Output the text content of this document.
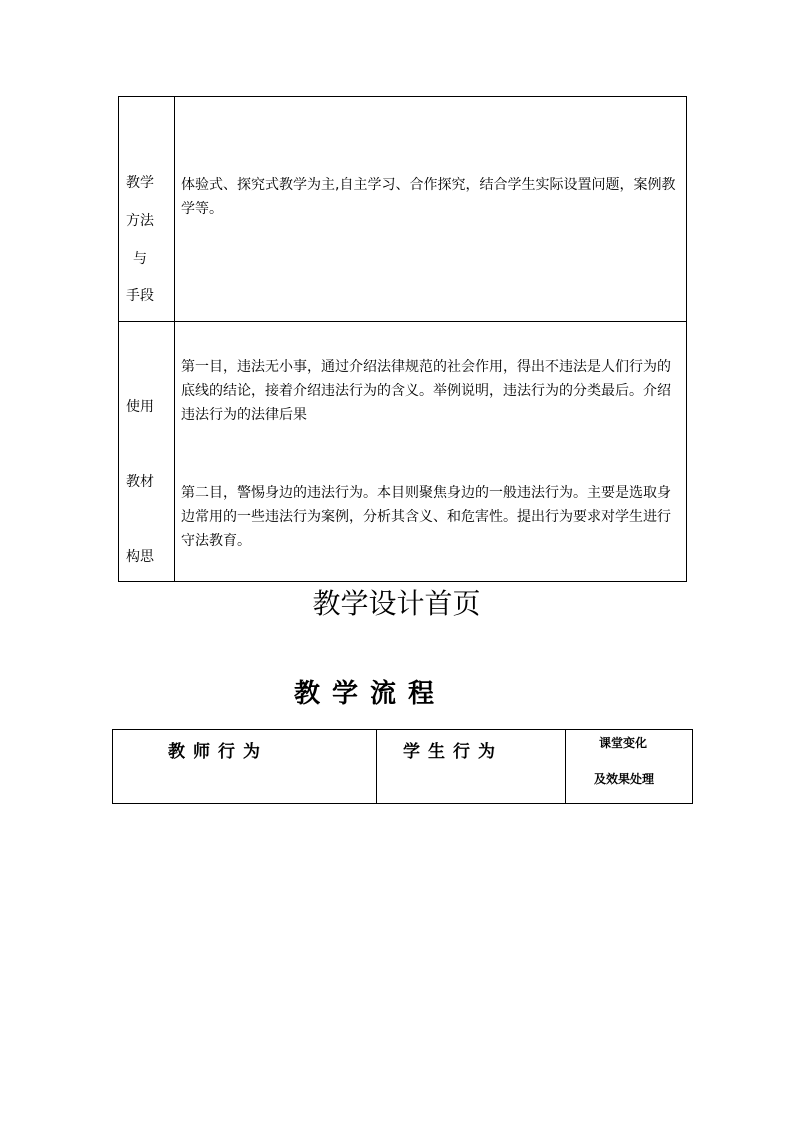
教学
方法
与
手段
体验式、探究式教学为主,自主学习、合作探究，结合学生实际设置问题，案例教学等。
使用
教材
构思
第一目，违法无小事，通过介绍法律规范的社会作用，得出不违法是人们行为的底线的结论，接着介绍违法行为的含义。举例说明，违法行为的分类最后。介绍违法行为的法律后果
第二目，警惕身边的违法行为。本目则聚焦身边的一般违法行为。主要是选取身边常用的一些违法行为案例，分析其含义、和危害性。提出行为要求对学生进行守法教育。
教学设计首页
教学流程
教师行为	学生行为	课堂变化
及效果处理
